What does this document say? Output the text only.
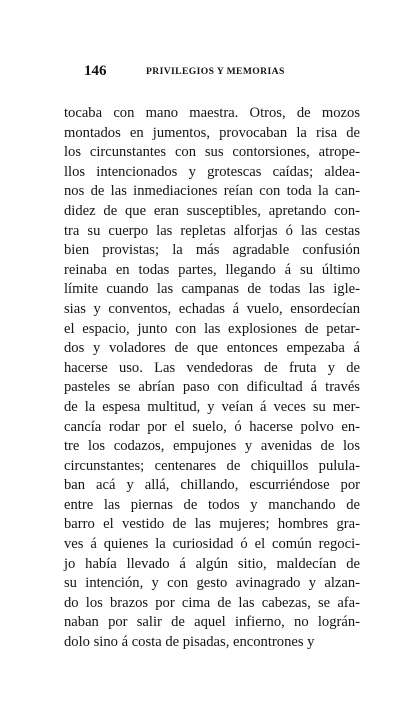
146	PRIVILEGIOS Y MEMORIAS
tocaba con mano maestra. Otros, de mozos
montados en jumentos, provocaban la risa de
los circunstantes con sus contorsiones, atrope-
llos intencionados y grotescas caídas; aldea-
nos de las inmediaciones reían con toda la can-
didez de que eran susceptibles, apretando con-
tra su cuerpo las repletas alforjas ó las cestas
bien provistas; la más agradable confusión
reinaba en todas partes, llegando á su último
límite cuando las campanas de todas las igle-
sias y conventos, echadas á vuelo, ensordecían
el espacio, junto con las explosiones de petar-
dos y voladores de que entonces empezaba á
hacerse uso. Las vendedoras de fruta y de
pasteles se abrían paso con dificultad á través
de la espesa multitud, y veían á veces su mer-
cancía rodar por el suelo, ó hacerse polvo en-
tre los codazos, empujones y avenidas de los
circunstantes; centenares de chiquillos pulula-
ban acá y allá, chillando, escurriéndose por
entre las piernas de todos y manchando de
barro el vestido de las mujeres; hombres gra-
ves á quienes la curiosidad ó el común regoci-
jo había llevado á algún sitio, maldecían de
su intención, y con gesto avinagrado y alzan-
do los brazos por cima de las cabezas, se afa-
naban por salir de aquel infierno, no lográn-
dolo sino á costa de pisadas, encontrones y
